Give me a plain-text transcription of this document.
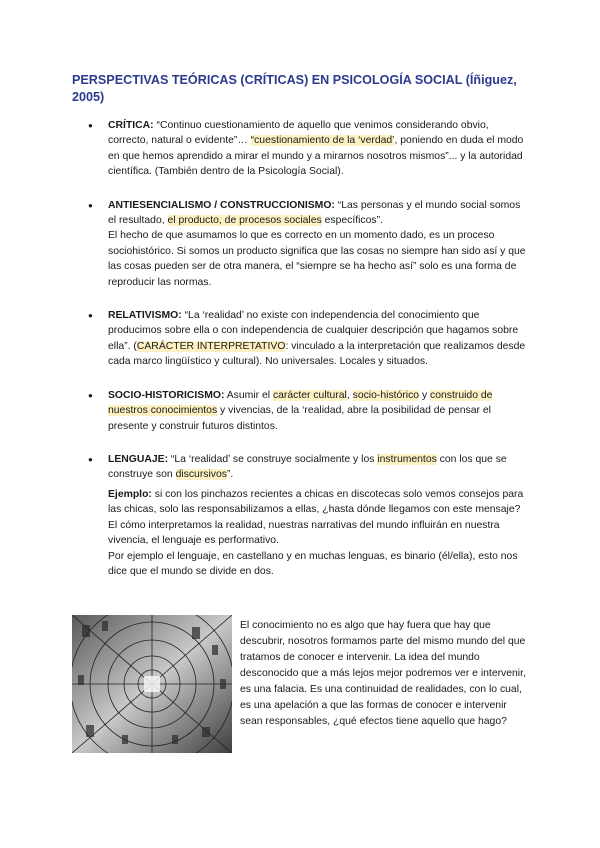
PERSPECTIVAS TEÓRICAS (CRÍTICAS) EN PSICOLOGÍA SOCIAL (Íñiguez, 2005)
● CRÍTICA: “Continuo cuestionamiento de aquello que venimos considerando obvio, correcto, natural o evidente”… “cuestionamiento de la ‘verdad’, poniendo en duda el modo en que hemos aprendido a mirar el mundo y a mirarnos nosotros mismos”... y la autoridad científica. (También dentro de la Psicología Social).
● ANTIESENCIALISMO / CONSTRUCCIONISMO: “Las personas y el mundo social somos el resultado, el producto, de procesos sociales específicos”.
El hecho de que asumamos lo que es correcto en un momento dado, es un proceso sociohistórico. Si somos un producto significa que las cosas no siempre han sido así y que las cosas pueden ser de otra manera, el “siempre se ha hecho así” solo es una forma de reproducir las normas.
● RELATIVISMO: “La ‘realidad’ no existe con independencia del conocimiento que producimos sobre ella o con independencia de cualquier descripción que hagamos sobre ella”. (CARÁCTER INTERPRETATIVO: vinculado a la interpretación que realizamos desde cada marco lingüístico y cultural). No universales. Locales y situados.
● SOCIO-HISTORICISMO: Asumir el carácter cultural, socio-histórico y construido de nuestros conocimientos y vivencias, de la ‘realidad, abre la posibilidad de pensar el presente y construir futuros distintos.
● LENGUAJE: “La ‘realidad’ se construye socialmente y los instrumentos con los que se construye son discursivos”.
Ejemplo: si con los pinchazos recientes a chicas en discotecas solo vemos consejos para las chicas, solo las responsabilizamos a ellas, ¿hasta dónde llegamos con este mensaje? El cómo interpretamos la realidad, nuestras narrativas del mundo influirán en nuestra vivencia, el lenguaje es performativo.
Por ejemplo el lenguaje, en castellano y en muchas lenguas, es binario (él/ella), esto nos dice que el mundo se divide en dos.
El conocimiento no es algo que hay fuera que hay que descubrir, nosotros formamos parte del mismo mundo del que tratamos de conocer e intervenir. La idea del mundo desconocido que a más lejos mejor podremos ver e intervenir, es una falacia. Es una continuidad de realidades, con lo cual, es una apelación a que las formas de conocer e intervenir sean responsables, ¿qué efectos tiene aquello que hago?
